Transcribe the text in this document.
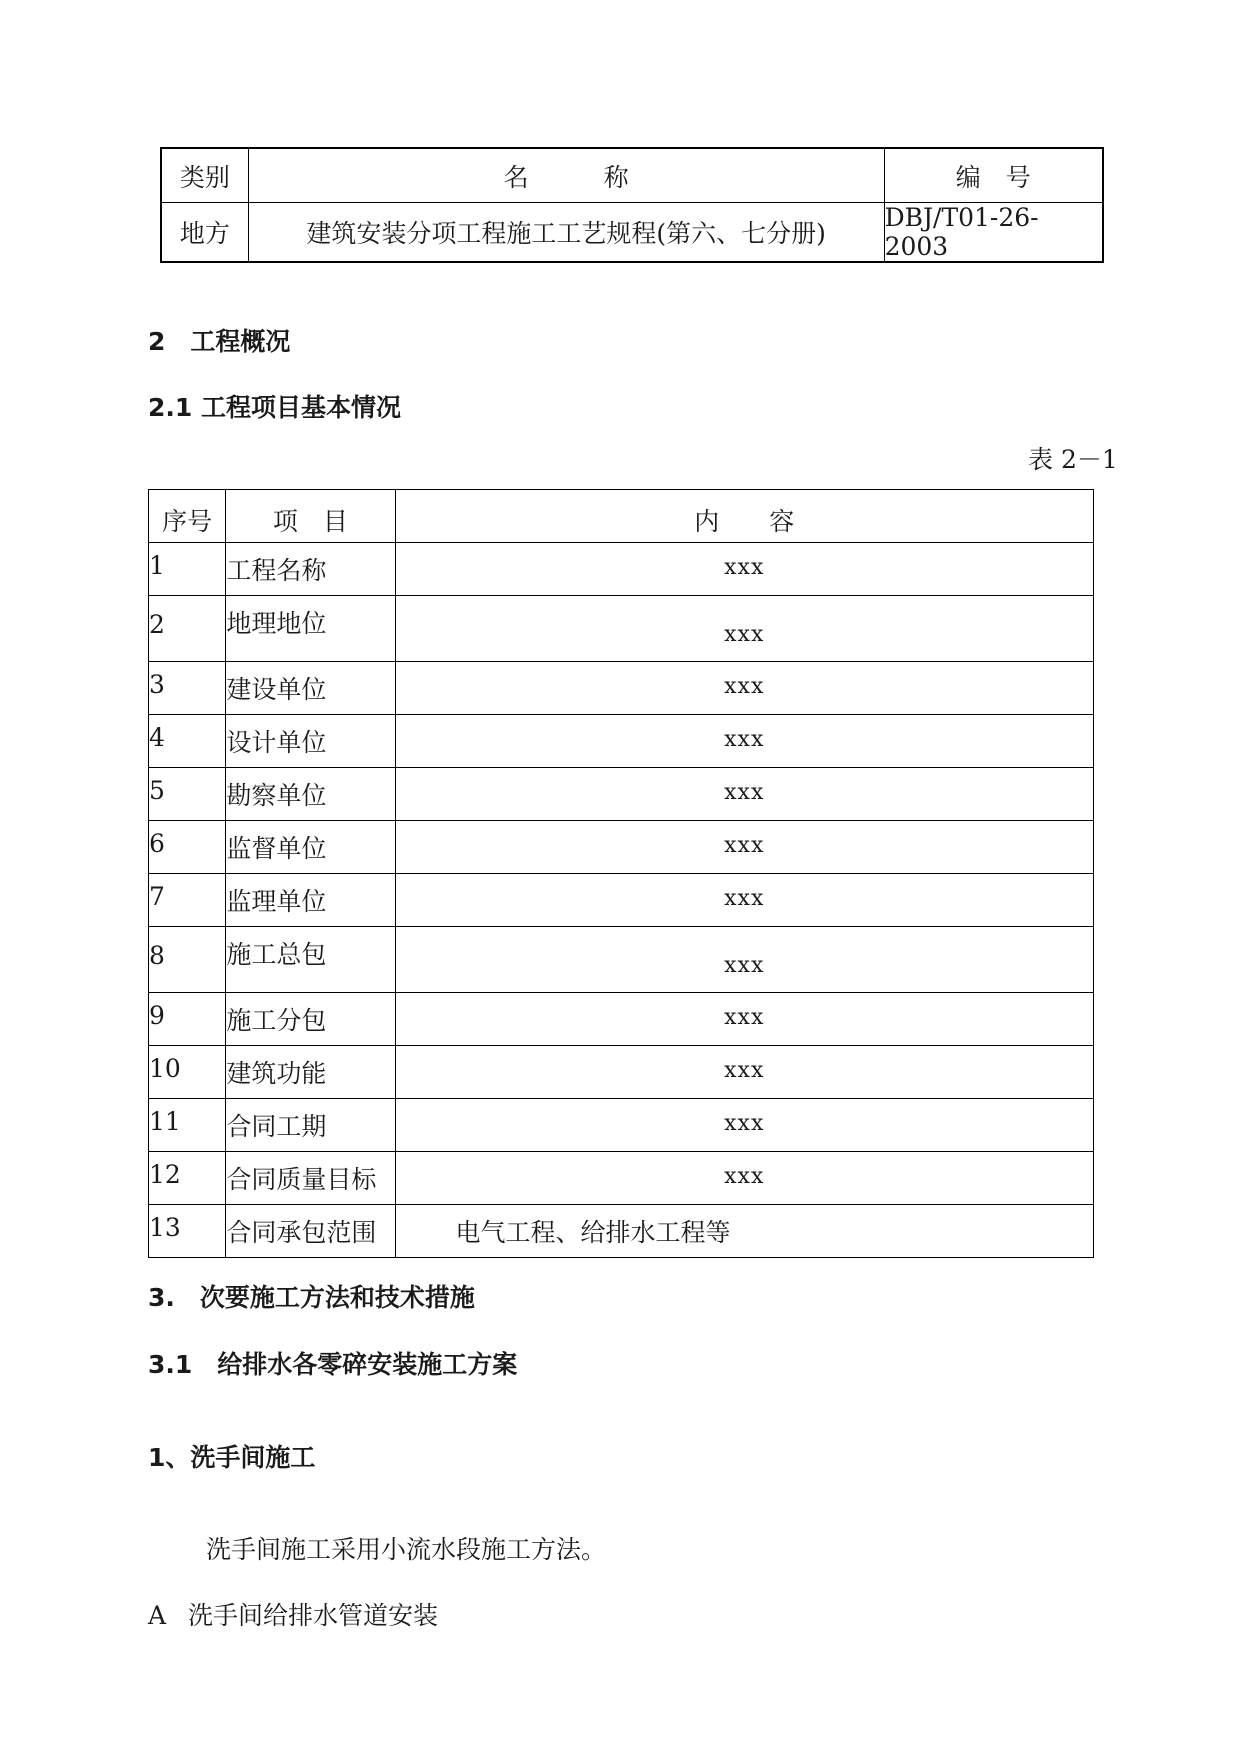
类别	名　　　称	编　号
地方	建筑安装分项工程施工工艺规程(第六、七分册)	DBJ/T01-26-2003
2　工程概况
2.1 工程项目基本情况
表 2－1
序号	项　目	内　　容
1	工程名称	xxx
2	地理地位	xxx
3	建设单位	xxx
4	设计单位	xxx
5	勘察单位	xxx
6	监督单位	xxx
7	监理单位	xxx
8	施工总包	xxx
9	施工分包	xxx
10	建筑功能	xxx
11	合同工期	xxx
12	合同质量目标	xxx
13	合同承包范围	电气工程、给排水工程等
3.　次要施工方法和技术措施
3.1　给排水各零碎安装施工方案
1、洗手间施工
洗手间施工采用小流水段施工方法。
A 洗手间给排水管道安装
